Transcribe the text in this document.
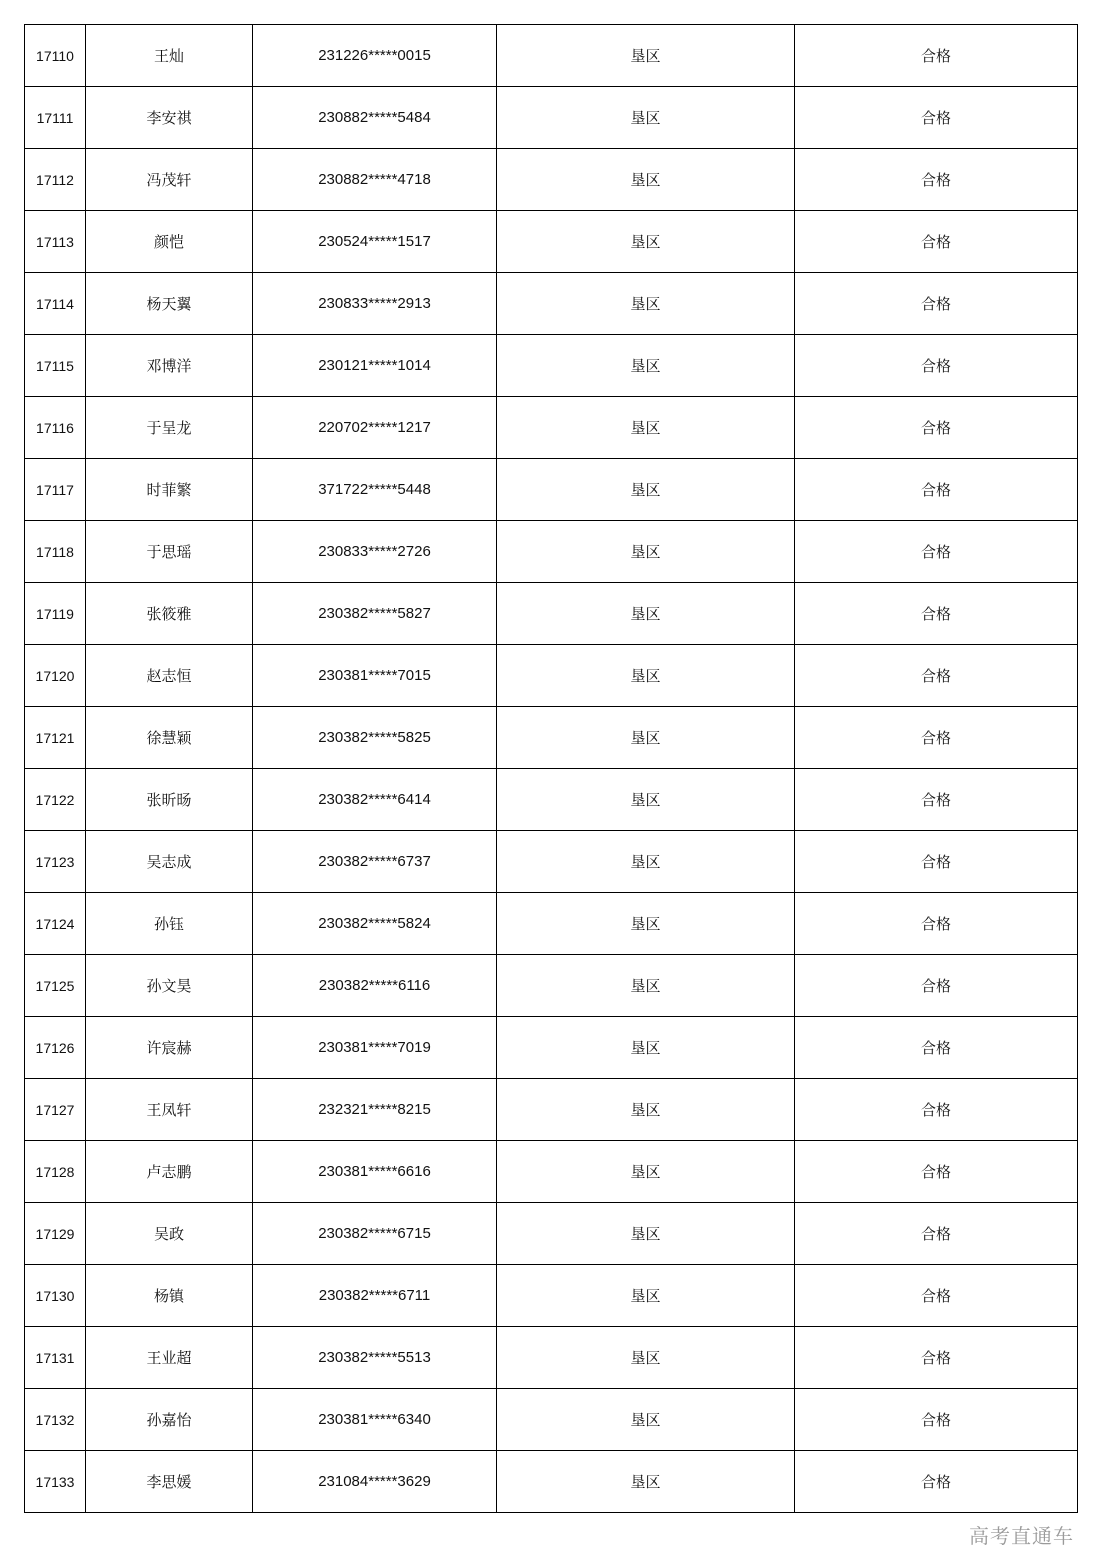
17110	王灿	231226*****0015	垦区	合格
17111	李安祺	230882*****5484	垦区	合格
17112	冯茂轩	230882*****4718	垦区	合格
17113	颜恺	230524*****1517	垦区	合格
17114	杨天翼	230833*****2913	垦区	合格
17115	邓博洋	230121*****1014	垦区	合格
17116	于呈龙	220702*****1217	垦区	合格
17117	时菲繁	371722*****5448	垦区	合格
17118	于思瑶	230833*****2726	垦区	合格
17119	张筱雅	230382*****5827	垦区	合格
17120	赵志恒	230381*****7015	垦区	合格
17121	徐慧颖	230382*****5825	垦区	合格
17122	张昕旸	230382*****6414	垦区	合格
17123	吴志成	230382*****6737	垦区	合格
17124	孙钰	230382*****5824	垦区	合格
17125	孙文昊	230382*****6116	垦区	合格
17126	许宸赫	230381*****7019	垦区	合格
17127	王凤轩	232321*****8215	垦区	合格
17128	卢志鹏	230381*****6616	垦区	合格
17129	吴政	230382*****6715	垦区	合格
17130	杨镇	230382*****6711	垦区	合格
17131	王业超	230382*****5513	垦区	合格
17132	孙嘉怡	230381*****6340	垦区	合格
17133	李思媛	231084*****3629	垦区	合格
高考直通车
